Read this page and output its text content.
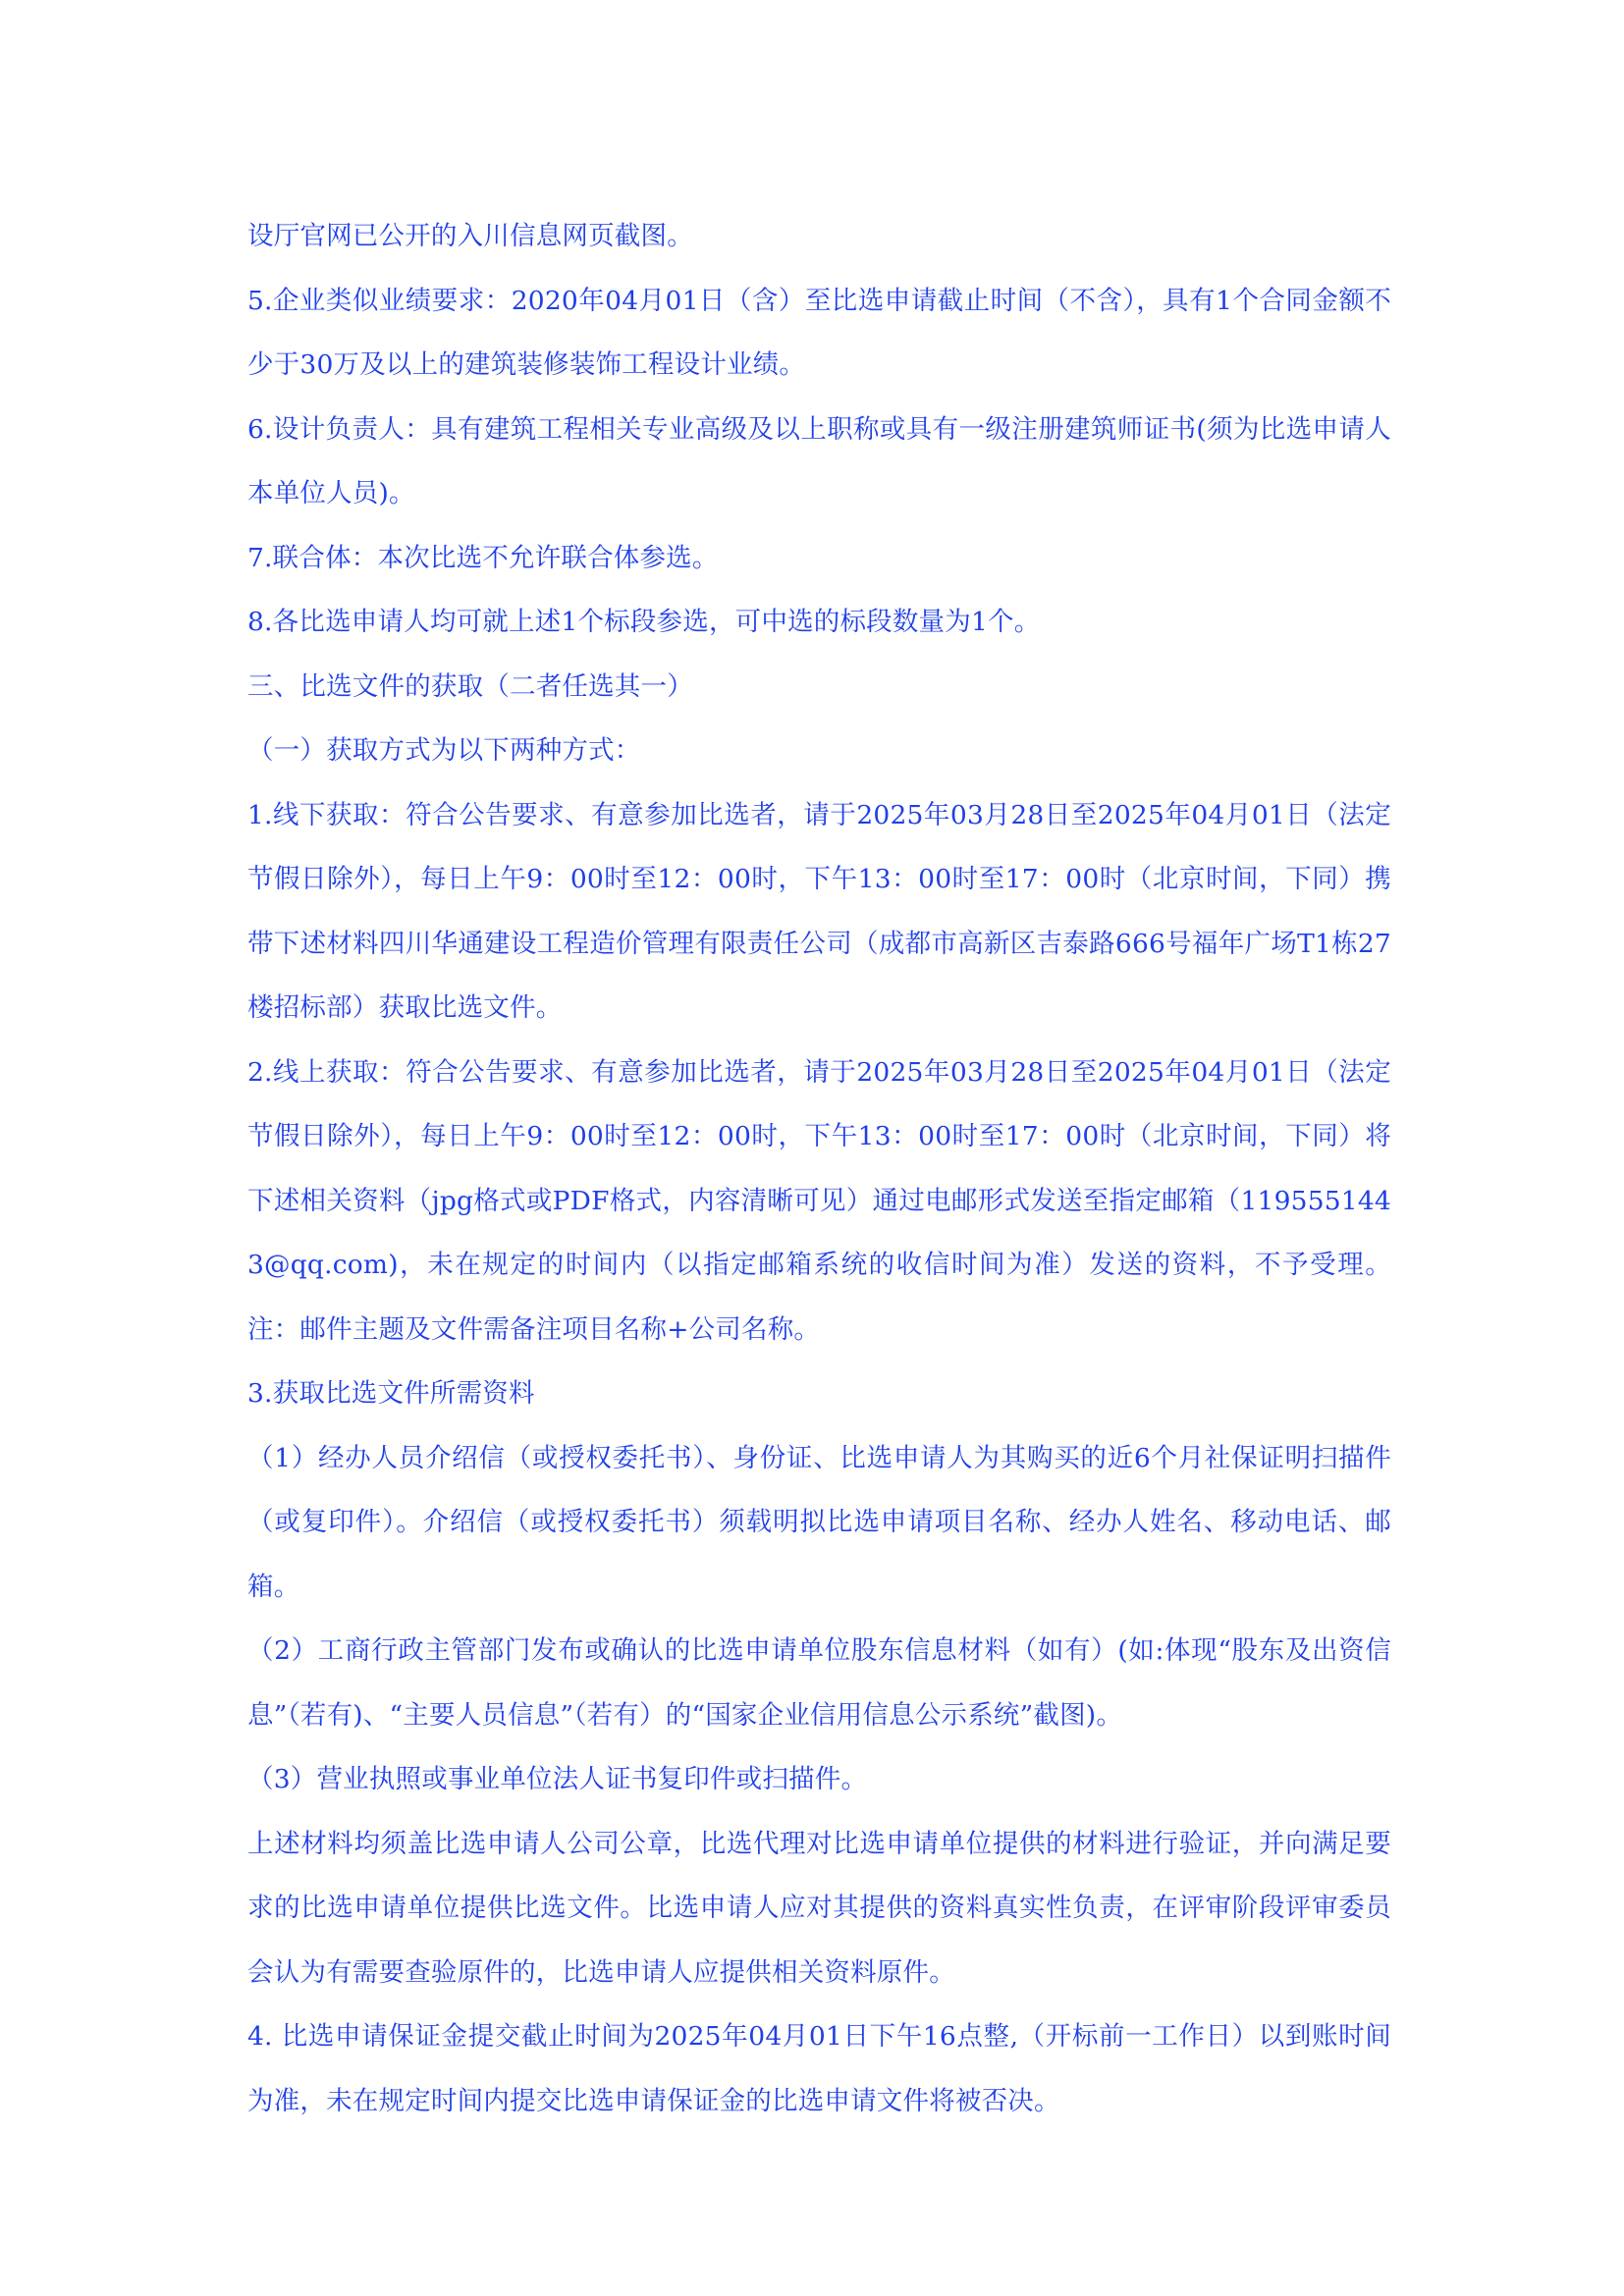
设厅官网已公开的入川信息网页截图。

5.企业类似业绩要求：2020年04月01日（含）至比选申请截止时间（不含），具有1个合同金额不少于30万及以上的建筑装修装饰工程设计业绩。

6.设计负责人：具有建筑工程相关专业高级及以上职称或具有一级注册建筑师证书(须为比选申请人本单位人员)。

7.联合体：本次比选不允许联合体参选。

8.各比选申请人均可就上述1个标段参选，可中选的标段数量为1个。

三、比选文件的获取（二者任选其一）

（一）获取方式为以下两种方式：

1.线下获取：符合公告要求、有意参加比选者，请于2025年03月28日至2025年04月01日（法定节假日除外），每日上午9：00时至12：00时，下午13：00时至17：00时（北京时间，下同）携带下述材料四川华通建设工程造价管理有限责任公司（成都市高新区吉泰路666号福年广场T1栋27楼招标部）获取比选文件。

2.线上获取：符合公告要求、有意参加比选者，请于2025年03月28日至2025年04月01日（法定节假日除外），每日上午9：00时至12：00时，下午13：00时至17：00时（北京时间，下同）将下述相关资料（jpg格式或PDF格式，内容清晰可见）通过电邮形式发送至指定邮箱（1195551443@qq.com)，未在规定的时间内（以指定邮箱系统的收信时间为准）发送的资料，不予受理。注：邮件主题及文件需备注项目名称+公司名称。

3.获取比选文件所需资料

（1）经办人员介绍信（或授权委托书）、身份证、比选申请人为其购买的近6个月社保证明扫描件（或复印件）。介绍信（或授权委托书）须载明拟比选申请项目名称、经办人姓名、移动电话、邮箱。

（2）工商行政主管部门发布或确认的比选申请单位股东信息材料（如有）(如:体现“股东及出资信息”（若有)、“主要人员信息”（若有）的“国家企业信用信息公示系统”截图)。

（3）营业执照或事业单位法人证书复印件或扫描件。

上述材料均须盖比选申请人公司公章，比选代理对比选申请单位提供的材料进行验证，并向满足要求的比选申请单位提供比选文件。比选申请人应对其提供的资料真实性负责，在评审阶段评审委员会认为有需要查验原件的，比选申请人应提供相关资料原件。

4. 比选申请保证金提交截止时间为2025年04月01日下午16点整,（开标前一工作日）以到账时间为准，未在规定时间内提交比选申请保证金的比选申请文件将被否决。
